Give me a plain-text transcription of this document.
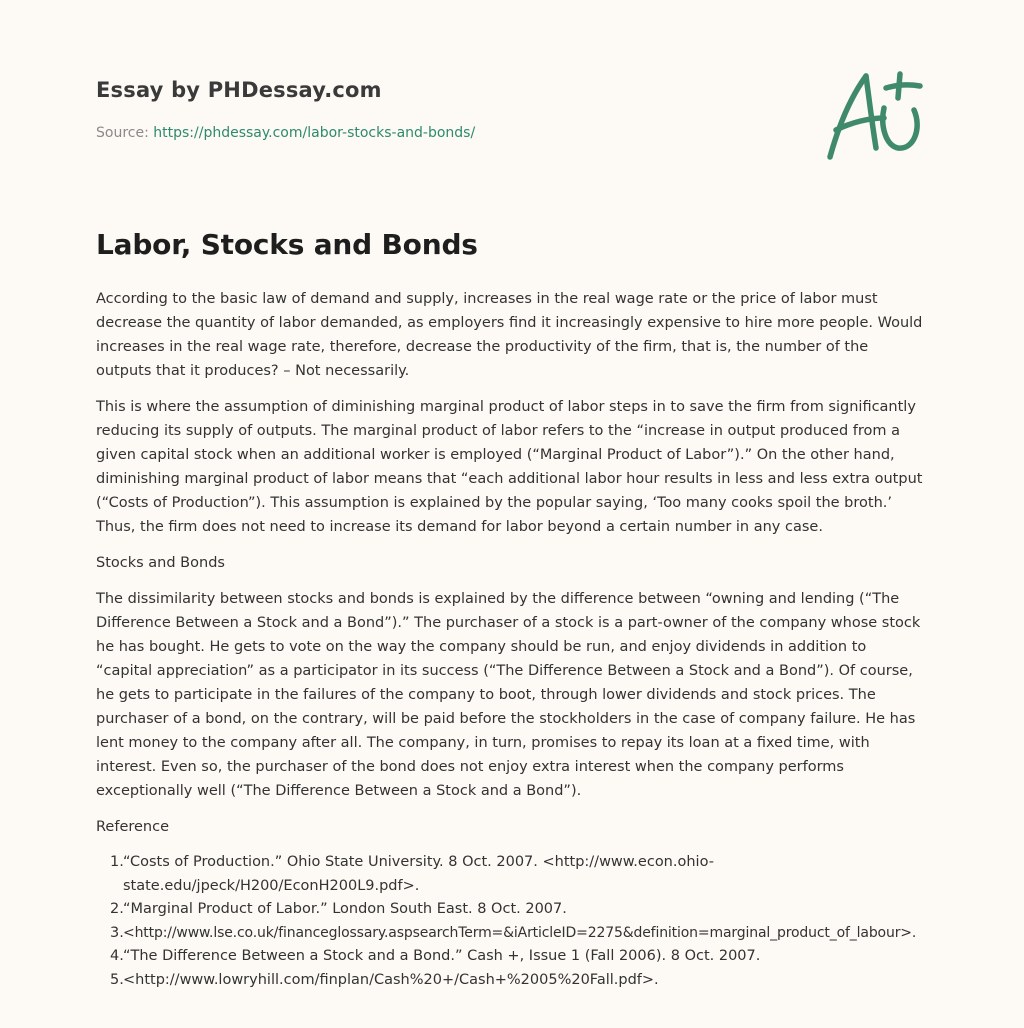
Essay by PHDessay.com
Source: https://phdessay.com/labor-stocks-and-bonds/
Labor, Stocks and Bonds

According to the basic law of demand and supply, increases in the real wage rate or the price of labor must decrease the quantity of labor demanded, as employers find it increasingly expensive to hire more people. Would increases in the real wage rate, therefore, decrease the productivity of the firm, that is, the number of the outputs that it produces? – Not necessarily.

This is where the assumption of diminishing marginal product of labor steps in to save the firm from significantly reducing its supply of outputs. The marginal product of labor refers to the “increase in output produced from a given capital stock when an additional worker is employed (“Marginal Product of Labor”).” On the other hand, diminishing marginal product of labor means that “each additional labor hour results in less and less extra output (“Costs of Production”). This assumption is explained by the popular saying, ‘Too many cooks spoil the broth.’ Thus, the firm does not need to increase its demand for labor beyond a certain number in any case.

Stocks and Bonds

The dissimilarity between stocks and bonds is explained by the difference between “owning and lending (“The Difference Between a Stock and a Bond”).” The purchaser of a stock is a part-owner of the company whose stock he has bought. He gets to vote on the way the company should be run, and enjoy dividends in addition to “capital appreciation” as a participator in its success (“The Difference Between a Stock and a Bond”). Of course, he gets to participate in the failures of the company to boot, through lower dividends and stock prices. The purchaser of a bond, on the contrary, will be paid before the stockholders in the case of company failure. He has lent money to the company after all. The company, in turn, promises to repay its loan at a fixed time, with interest. Even so, the purchaser of the bond does not enjoy extra interest when the company performs exceptionally well (“The Difference Between a Stock and a Bond”).

Reference

1. “Costs of Production.” Ohio State University. 8 Oct. 2007. <http://www.econ.ohio-
state.edu/jpeck/H200/EconH200L9.pdf>.
2. “Marginal Product of Labor.” London South East. 8 Oct. 2007.
3. <http://www.lse.co.uk/financeglossary.aspsearchTerm=&iArticleID=2275&definition=marginal_product_of_labour>.
4. “The Difference Between a Stock and a Bond.” Cash +, Issue 1 (Fall 2006). 8 Oct. 2007.
5. <http://www.lowryhill.com/finplan/Cash%20+/Cash+%2005%20Fall.pdf>.
